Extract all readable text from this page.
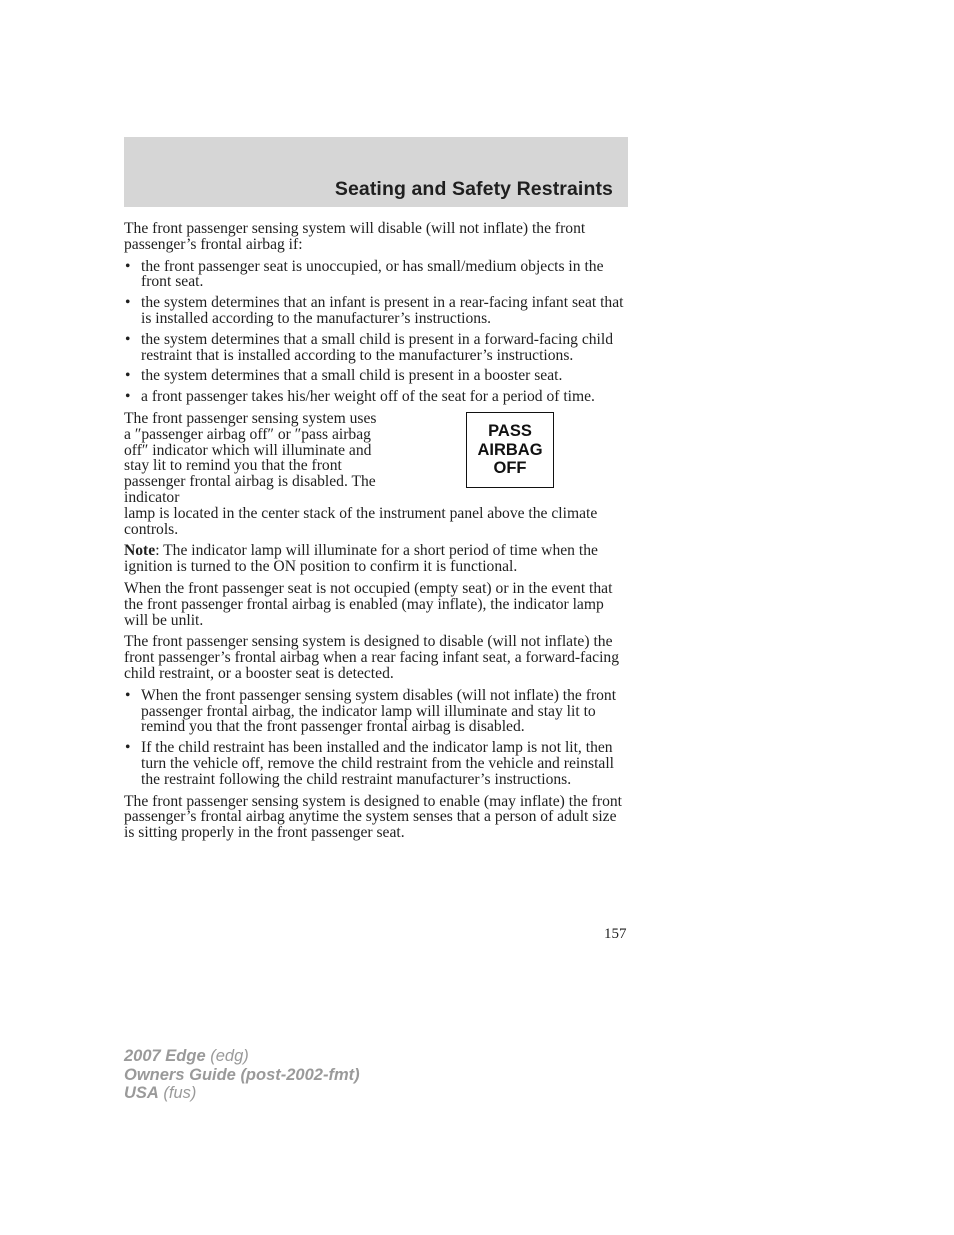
Seating and Safety Restraints

The front passenger sensing system will disable (will not inflate) the front passenger’s frontal airbag if:

• the front passenger seat is unoccupied, or has small/medium objects in the front seat.
• the system determines that an infant is present in a rear-facing infant seat that is installed according to the manufacturer’s instructions.
• the system determines that a small child is present in a forward-facing child restraint that is installed according to the manufacturer’s instructions.
• the system determines that a small child is present in a booster seat.
• a front passenger takes his/her weight off of the seat for a period of time.
The front passenger sensing system uses a ″passenger airbag off″ or ″pass airbag off″ indicator which will illuminate and stay lit to remind you that the front passenger frontal airbag is disabled. The indicator
PASS
AIRBAG
OFF

lamp is located in the center stack of the instrument panel above the climate controls.

Note: The indicator lamp will illuminate for a short period of time when the ignition is turned to the ON position to confirm it is functional.

When the front passenger seat is not occupied (empty seat) or in the event that the front passenger frontal airbag is enabled (may inflate), the indicator lamp will be unlit.

The front passenger sensing system is designed to disable (will not inflate) the front passenger’s frontal airbag when a rear facing infant seat, a forward-facing child restraint, or a booster seat is detected.

• When the front passenger sensing system disables (will not inflate) the front passenger frontal airbag, the indicator lamp will illuminate and stay lit to remind you that the front passenger frontal airbag is disabled.
• If the child restraint has been installed and the indicator lamp is not lit, then turn the vehicle off, remove the child restraint from the vehicle and reinstall the restraint following the child restraint manufacturer’s instructions.

The front passenger sensing system is designed to enable (may inflate) the front passenger’s frontal airbag anytime the system senses that a person of adult size is sitting properly in the front passenger seat.

157
2007 Edge (edg)
Owners Guide (post-2002-fmt)
USA (fus)
